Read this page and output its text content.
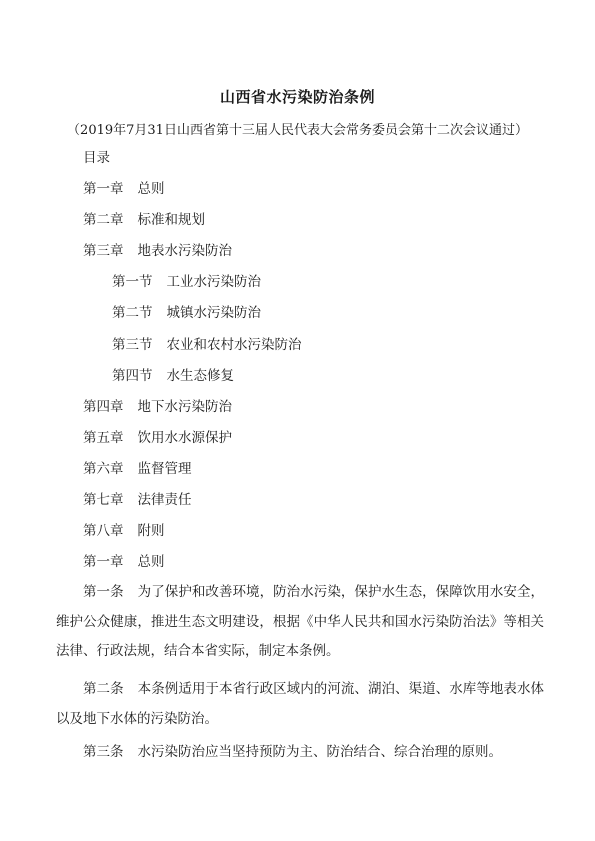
山西省水污染防治条例
（2019年7月31日山西省第十三届人民代表大会常务委员会第十二次会议通过）
目录
第一章 总则
第二章 标准和规划
第三章 地表水污染防治
第一节 工业水污染防治
第二节 城镇水污染防治
第三节 农业和农村水污染防治
第四节 水生态修复
第四章 地下水污染防治
第五章 饮用水水源保护
第六章 监督管理
第七章 法律责任
第八章 附则
第一章 总则
第一条 为了保护和改善环境，防治水污染，保护水生态，保障饮用水安全，维护公众健康，推进生态文明建设，根据《中华人民共和国水污染防治法》等相关法律、行政法规，结合本省实际，制定本条例。
第二条 本条例适用于本省行政区域内的河流、湖泊、渠道、水库等地表水体以及地下水体的污染防治。
第三条 水污染防治应当坚持预防为主、防治结合、综合治理的原则。
